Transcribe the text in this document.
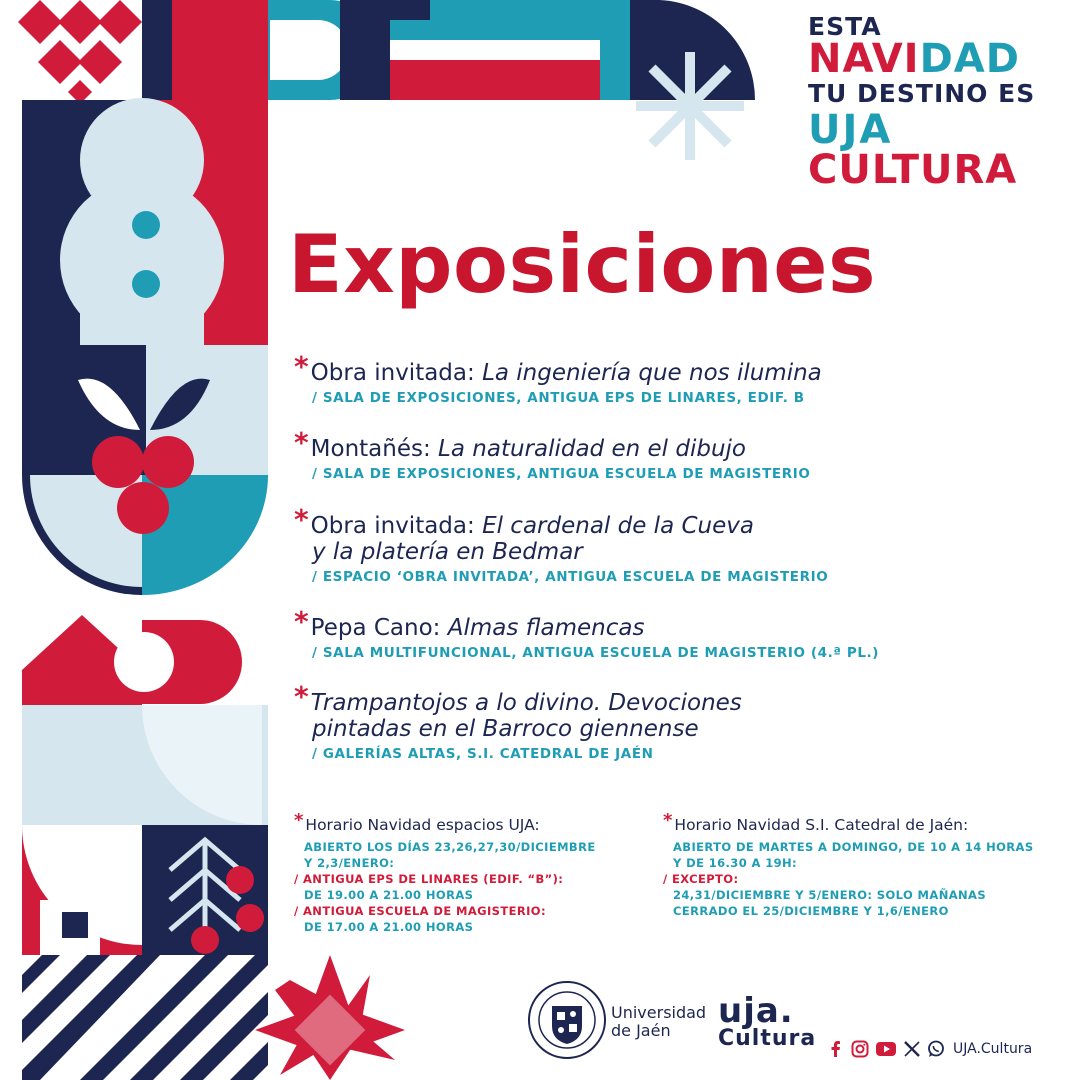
ESTA
NAVIDAD
TU DESTINO ES
UJA
CULTURA
Exposiciones
*Obra invitada: La ingeniería que nos ilumina
/ SALA DE EXPOSICIONES, ANTIGUA EPS DE LINARES, EDIF. B
*Montañés: La naturalidad en el dibujo
/ SALA DE EXPOSICIONES, ANTIGUA ESCUELA DE MAGISTERIO
*Obra invitada: El cardenal de la Cueva
y la platería en Bedmar
/ ESPACIO ‘OBRA INVITADA’, ANTIGUA ESCUELA DE MAGISTERIO
*Pepa Cano: Almas flamencas
/ SALA MULTIFUNCIONAL, ANTIGUA ESCUELA DE MAGISTERIO (4.ª PL.)
*Trampantojos a lo divino. Devociones
pintadas en el Barroco giennense
/ GALERÍAS ALTAS, S.I. CATEDRAL DE JAÉN
* Horario Navidad espacios UJA:
ABIERTO LOS DÍAS 23,26,27,30/DICIEMBRE
Y 2,3/ENERO:
/ ANTIGUA EPS DE LINARES (EDIF. “B”):
DE 19.00 A 21.00 HORAS
/ ANTIGUA ESCUELA DE MAGISTERIO:
DE 17.00 A 21.00 HORAS
* Horario Navidad S.I. Catedral de Jaén:
ABIERTO DE MARTES A DOMINGO, DE 10 A 14 HORAS
Y DE 16.30 A 19H:
/ EXCEPTO:
24,31/DICIEMBRE Y 5/ENERO: SOLO MAÑANAS
CERRADO EL 25/DICIEMBRE Y 1,6/ENERO
Universidad
de Jaén	uja.
Cultura	UJA.Cultura
